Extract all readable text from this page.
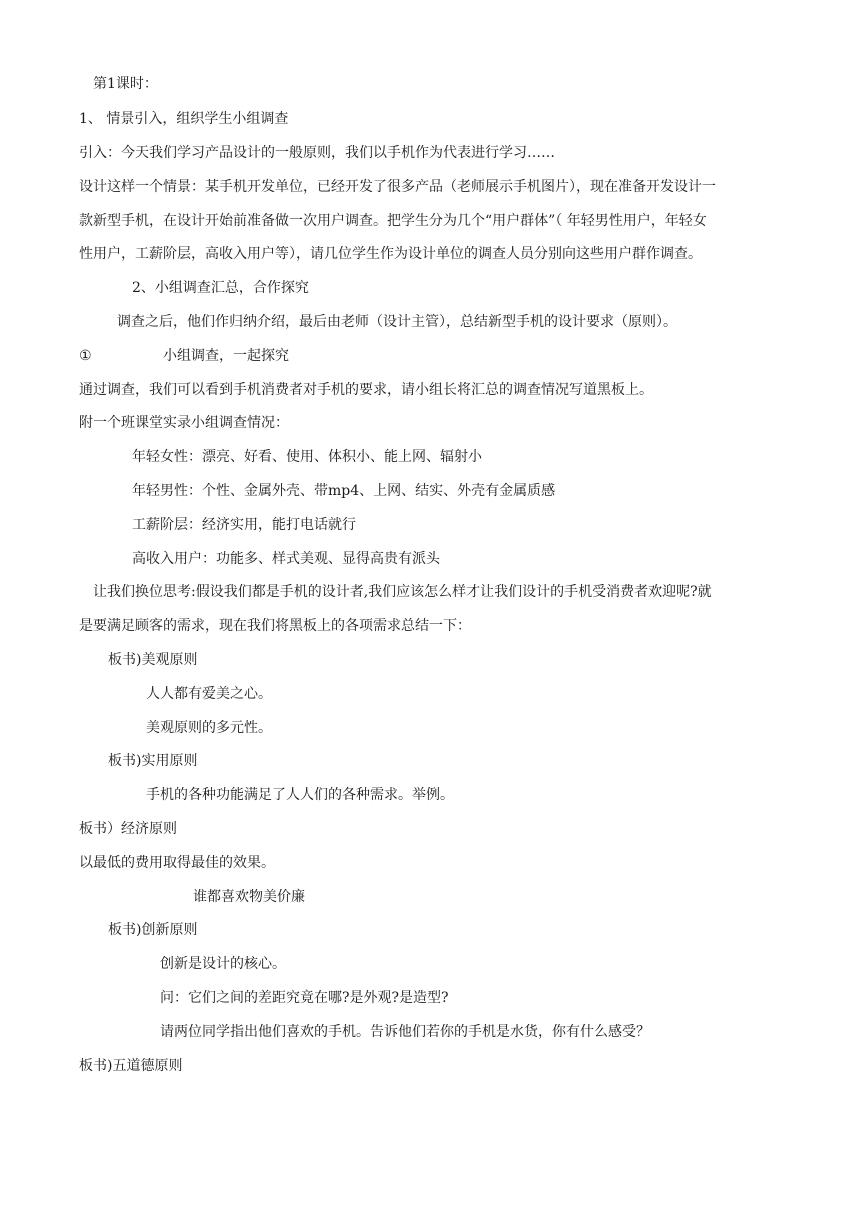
第1课时：
1、 情景引入，组织学生小组调查
引入：今天我们学习产品设计的一般原则，我们以手机作为代表进行学习……
设计这样一个情景：某手机开发单位，已经开发了很多产品（老师展示手机图片），现在准备开发设计一
款新型手机，在设计开始前准备做一次用户调查。把学生分为几个“用户群体”（ 年轻男性用户，年轻女
性用户，工薪阶层，高收入用户等），请几位学生作为设计单位的调查人员分别向这些用户群作调查。
2、小组调查汇总，合作探究
调查之后，他们作归纳介绍，最后由老师（设计主管），总结新型手机的设计要求（原则）。
①	小组调查，一起探究
通过调查，我们可以看到手机消费者对手机的要求，请小组长将汇总的调查情况写道黑板上。
附一个班课堂实录小组调查情况：
年轻女性：漂亮、好看、使用、体积小、能上网、辐射小
年轻男性：个性、金属外壳、带mp4、上网、结实、外壳有金属质感
工薪阶层：经济实用，能打电话就行
高收入用户：功能多、样式美观、显得高贵有派头
让我们换位思考:假设我们都是手机的设计者,我们应该怎么样才让我们设计的手机受消费者欢迎呢?就
是要满足顾客的需求，现在我们将黑板上的各项需求总结一下：
板书)美观原则
人人都有爱美之心。
美观原则的多元性。
板书)实用原则
手机的各种功能满足了人人们的各种需求。举例。
板书）经济原则
以最低的费用取得最佳的效果。
谁都喜欢物美价廉
板书)创新原则
创新是设计的核心。
问：它们之间的差距究竟在哪?是外观?是造型?
请两位同学指出他们喜欢的手机。告诉他们若你的手机是水货，你有什么感受？
板书)五道德原则
